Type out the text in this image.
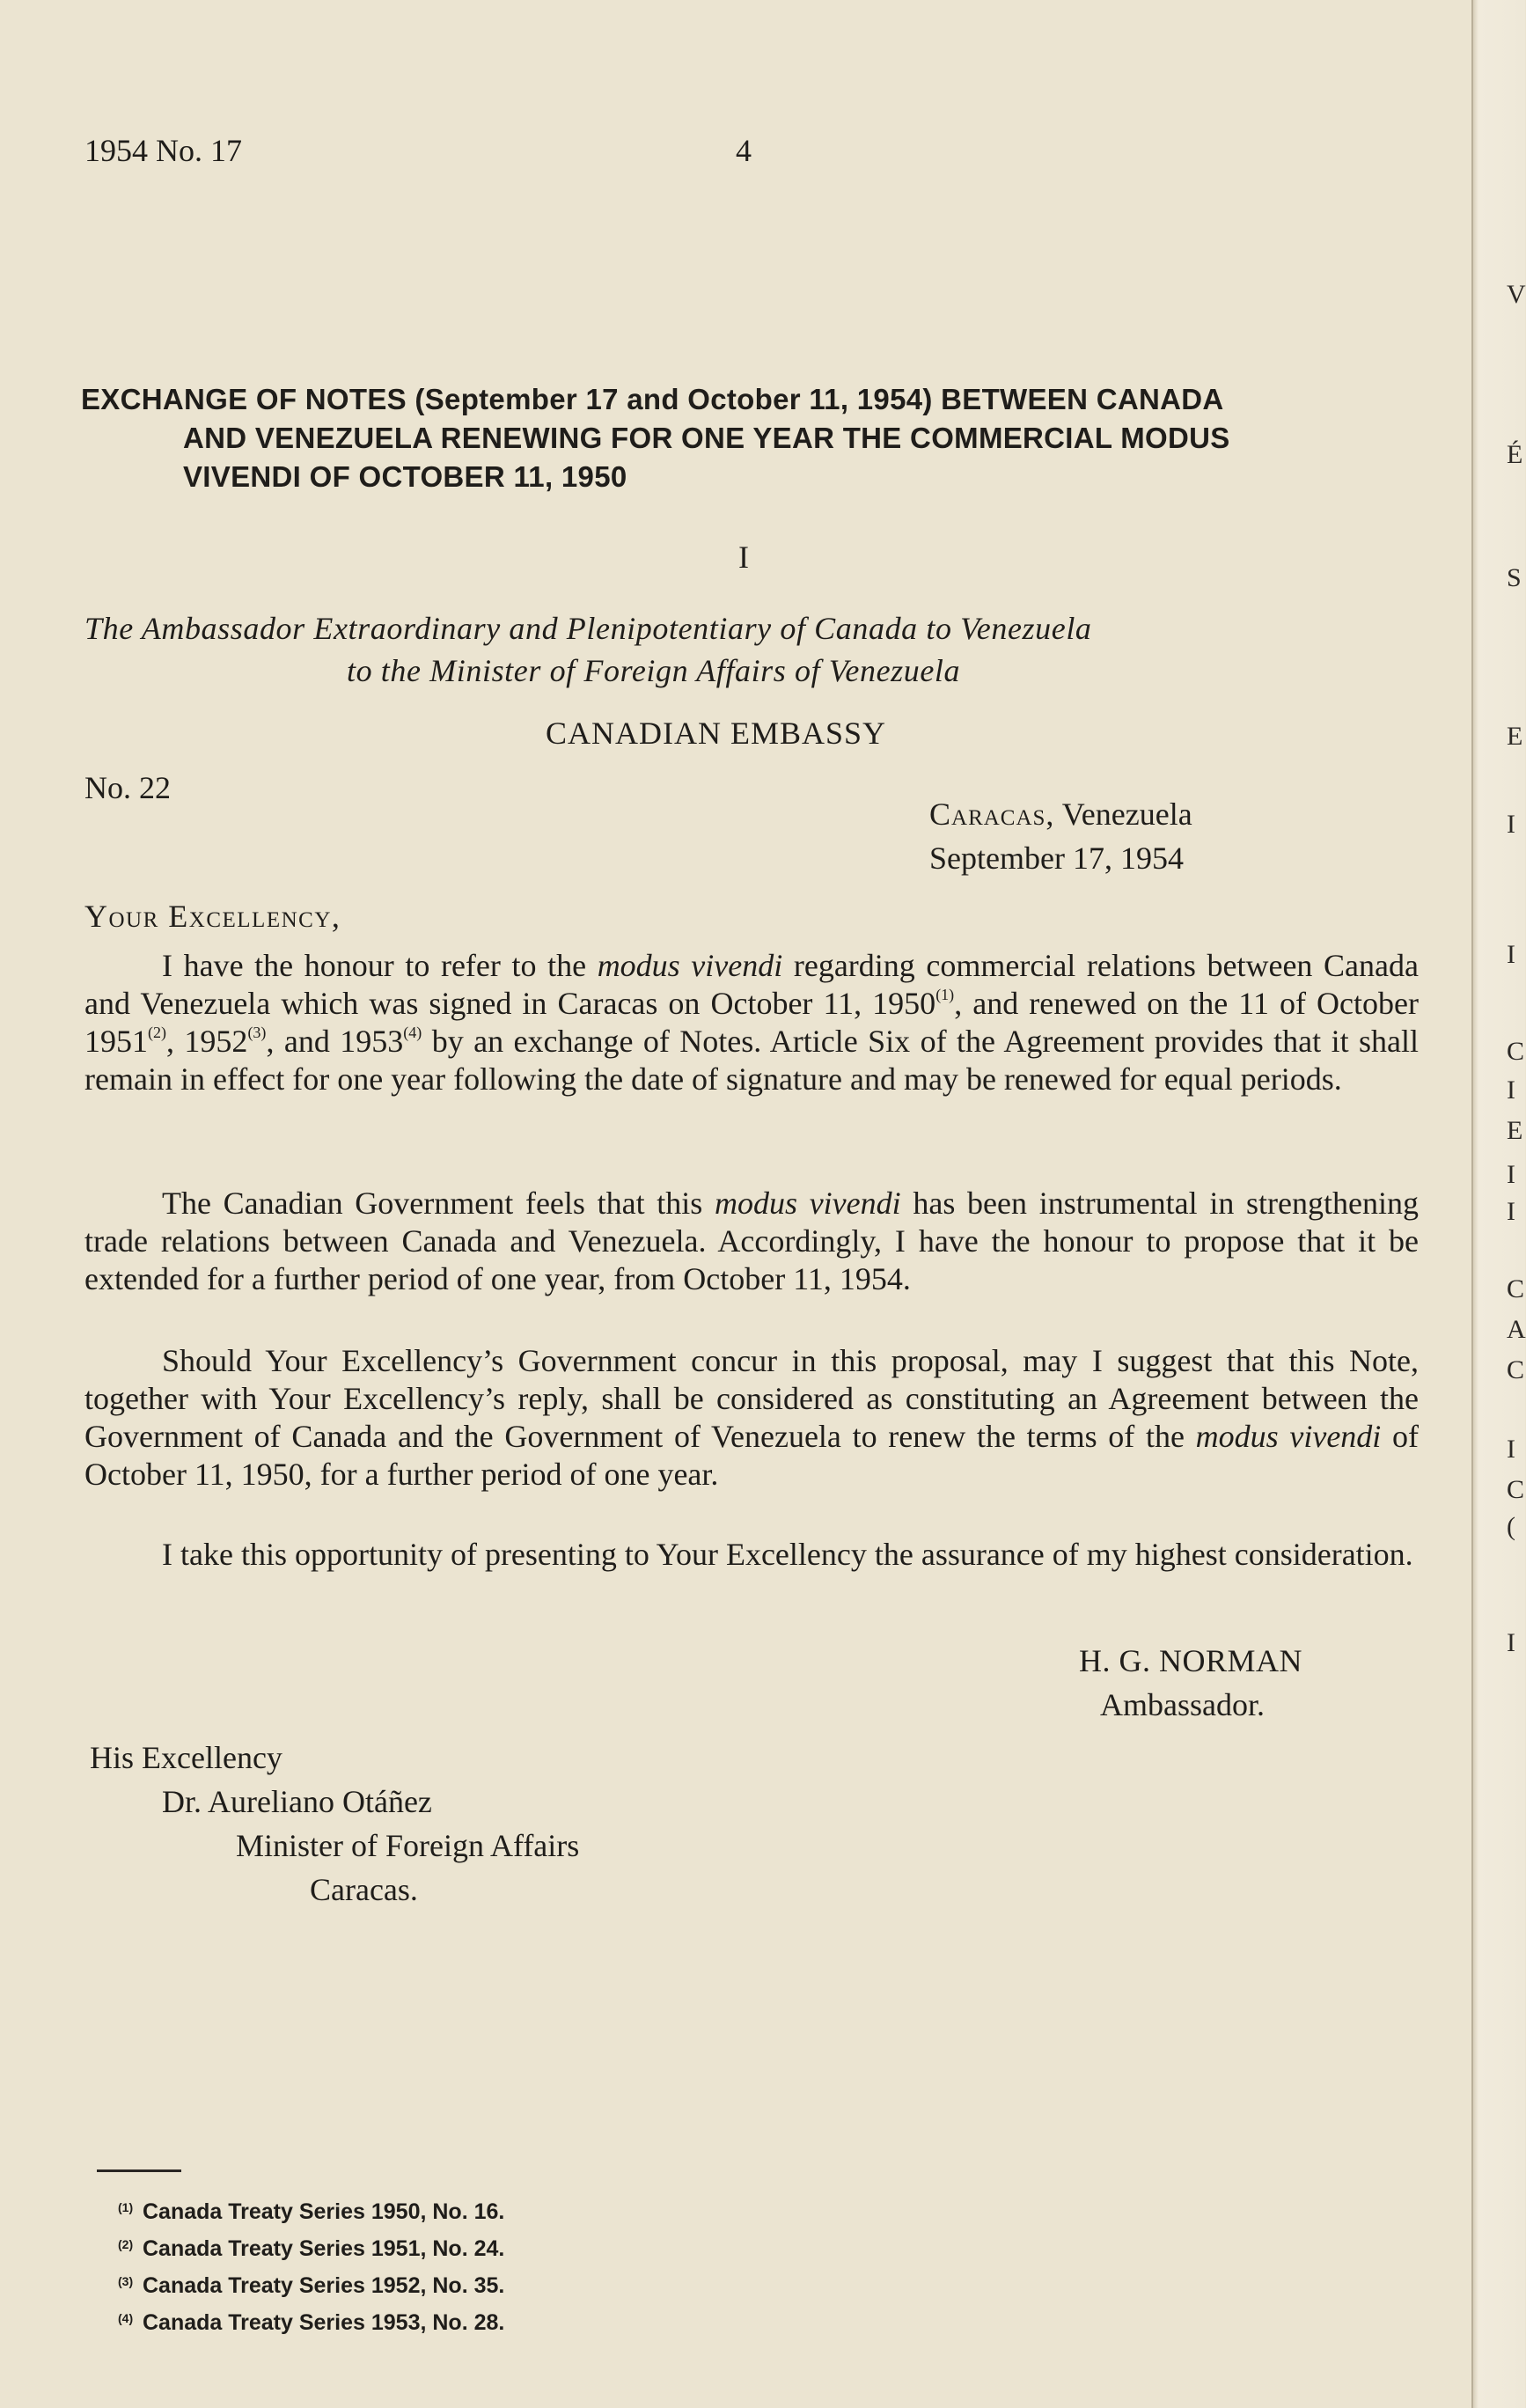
V
É
S
E
I
I
C
I
E
I
I
C
A
C
I
C
(
I
1954 No. 17	4
EXCHANGE OF NOTES (September 17 and October 11, 1954) BETWEEN CANADA
AND VENEZUELA RENEWING FOR ONE YEAR THE COMMERCIAL MODUS
VIVENDI OF OCTOBER 11, 1950
I
The Ambassador Extraordinary and Plenipotentiary of Canada to Venezuela
to the Minister of Foreign Affairs of Venezuela
CANADIAN EMBASSY
No. 22
Caracas, Venezuela
September 17, 1954
Your Excellency,

I have the honour to refer to the modus vivendi regarding commercial relations between Canada and Venezuela which was signed in Caracas on October 11, 1950$^{(1)}$, and renewed on the 11 of October 1951$^{(2)}$, 1952$^{(3)}$, and 1953$^{(4)}$ by an exchange of Notes. Article Six of the Agreement provides that it shall remain in effect for one year following the date of signature and may be renewed for equal periods.

The Canadian Government feels that this modus vivendi has been instrumental in strengthening trade relations between Canada and Venezuela. Accordingly, I have the honour to propose that it be extended for a further period of one year, from October 11, 1954.

Should Your Excellency’s Government concur in this proposal, may I suggest that this Note, together with Your Excellency’s reply, shall be considered as constituting an Agreement between the Government of Canada and the Government of Venezuela to renew the terms of the modus vivendi of October 11, 1950, for a further period of one year.

I take this opportunity of presenting to Your Excellency the assurance of my highest consideration.

H. G. NORMAN
Ambassador.
His Excellency
Dr. Aureliano Otáñez
Minister of Foreign Affairs
Caracas.
(1) Canada Treaty Series 1950, No. 16.
(2) Canada Treaty Series 1951, No. 24.
(3) Canada Treaty Series 1952, No. 35.
(4) Canada Treaty Series 1953, No. 28.
